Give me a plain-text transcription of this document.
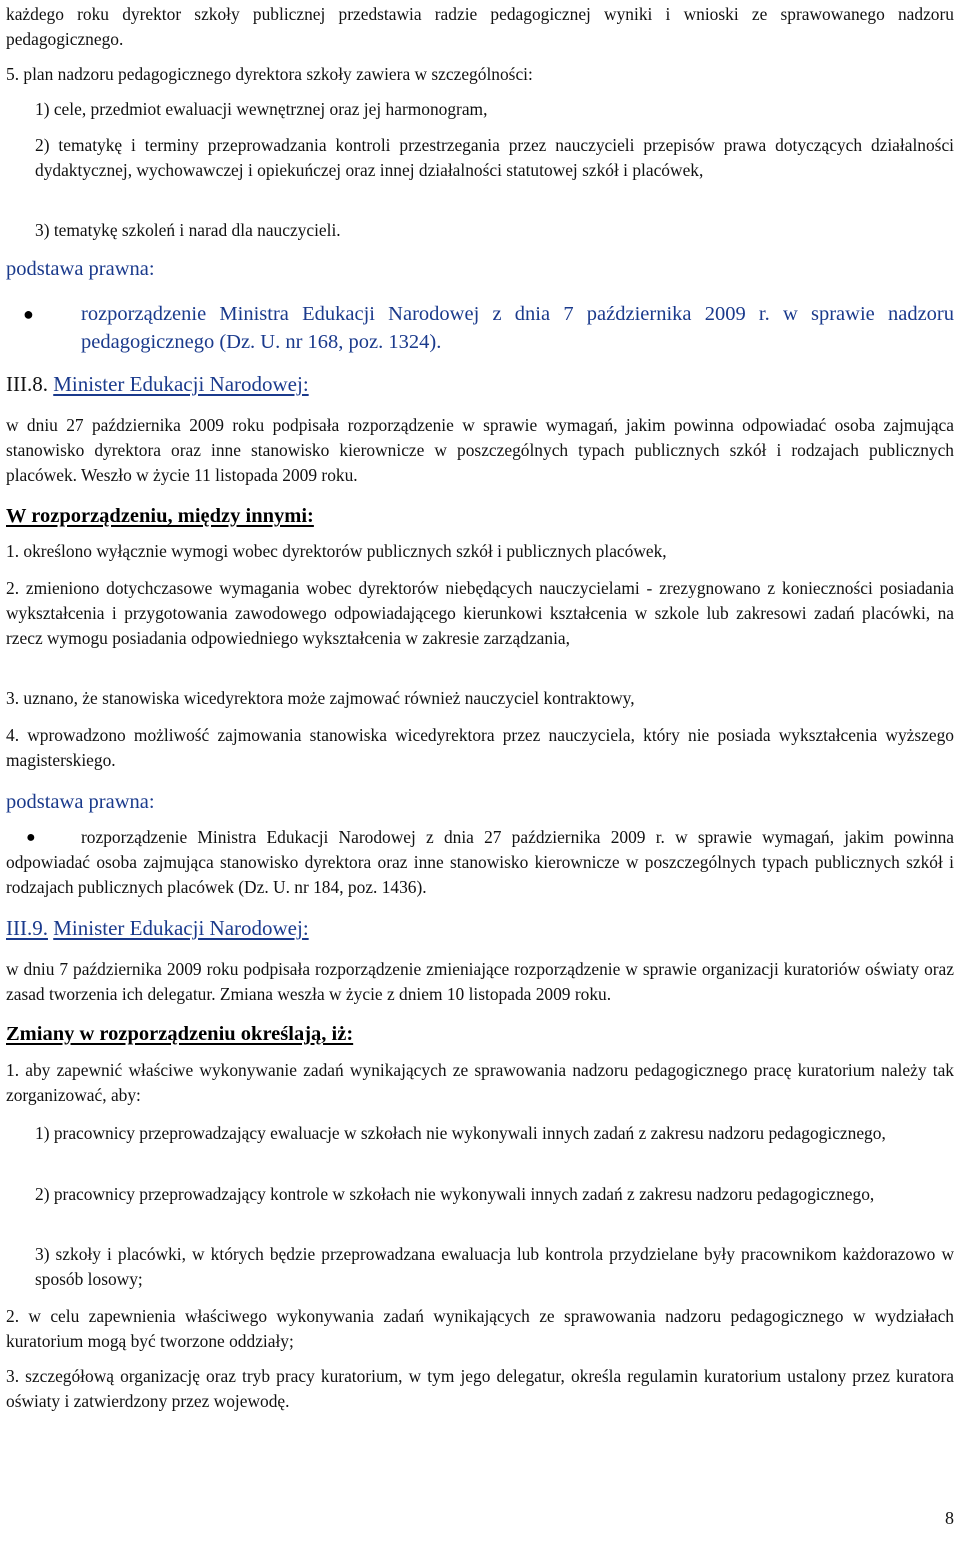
każdego roku dyrektor szkoły publicznej przedstawia radzie pedagogicznej wyniki i wnioski ze sprawowanego nadzoru pedagogicznego.

5. plan nadzoru pedagogicznego dyrektora szkoły zawiera w szczególności:

1) cele, przedmiot ewaluacji wewnętrznej oraz jej harmonogram,

2) tematykę i terminy przeprowadzania kontroli przestrzegania przez nauczycieli przepisów prawa dotyczących działalności dydaktycznej, wychowawczej i opiekuńczej oraz innej działalności statutowej szkół i placówek,

3) tematykę szkoleń i narad dla nauczycieli.

podstawa prawna:
● rozporządzenie Ministra Edukacji Narodowej z dnia 7 października 2009 r. w sprawie nadzoru pedagogicznego (Dz. U. nr 168, poz. 1324).

III.8. Minister Edukacji Narodowej:

w dniu 27 października 2009 roku podpisała rozporządzenie w sprawie wymagań, jakim powinna odpowiadać osoba zajmująca stanowisko dyrektora oraz inne stanowisko kierownicze w poszczególnych typach publicznych szkół i rodzajach publicznych placówek. Weszło w życie 11 listopada 2009 roku.

W rozporządzeniu, między innymi:

1. określono wyłącznie wymogi wobec dyrektorów publicznych szkół i publicznych placówek,

2. zmieniono dotychczasowe wymagania wobec dyrektorów niebędących nauczycielami - zrezygnowano z konieczności posiadania wykształcenia i przygotowania zawodowego odpowiadającego kierunkowi kształcenia w szkole lub zakresowi zadań placówki, na rzecz wymogu posiadania odpowiedniego wykształcenia w zakresie zarządzania,

3. uznano, że stanowiska wicedyrektora może zajmować również nauczyciel kontraktowy,

4. wprowadzono możliwość zajmowania stanowiska wicedyrektora przez nauczyciela, który nie posiada wykształcenia wyższego magisterskiego.

podstawa prawna:
●	rozporządzenie Ministra Edukacji Narodowej z dnia 27 października 2009 r. w sprawie wymagań, jakim powinna odpowiadać osoba zajmująca stanowisko dyrektora oraz inne stanowisko kierownicze w poszczególnych typach publicznych szkół i rodzajach publicznych placówek (Dz. U. nr 184, poz. 1436).

III.9. Minister Edukacji Narodowej:

w dniu 7 października 2009 roku podpisała rozporządzenie zmieniające rozporządzenie w sprawie organizacji kuratoriów oświaty oraz zasad tworzenia ich delegatur. Zmiana weszła w życie z dniem 10 listopada 2009 roku.

Zmiany w rozporządzeniu określają, iż:

1. aby zapewnić właściwe wykonywanie zadań wynikających ze sprawowania nadzoru pedagogicznego pracę kuratorium należy tak zorganizować, aby:

1) pracownicy przeprowadzający ewaluacje w szkołach nie wykonywali innych zadań z zakresu nadzoru pedagogicznego,

2) pracownicy przeprowadzający kontrole w szkołach nie wykonywali innych zadań z zakresu nadzoru pedagogicznego,

3) szkoły i placówki, w których będzie przeprowadzana ewaluacja lub kontrola przydzielane były pracownikom każdorazowo w sposób losowy;

2. w celu zapewnienia właściwego wykonywania zadań wynikających ze sprawowania nadzoru pedagogicznego w wydziałach kuratorium mogą być tworzone oddziały;

3. szczegółową organizację oraz tryb pracy kuratorium, w tym jego delegatur, określa regulamin kuratorium ustalony przez kuratora oświaty i zatwierdzony przez wojewodę.

8
